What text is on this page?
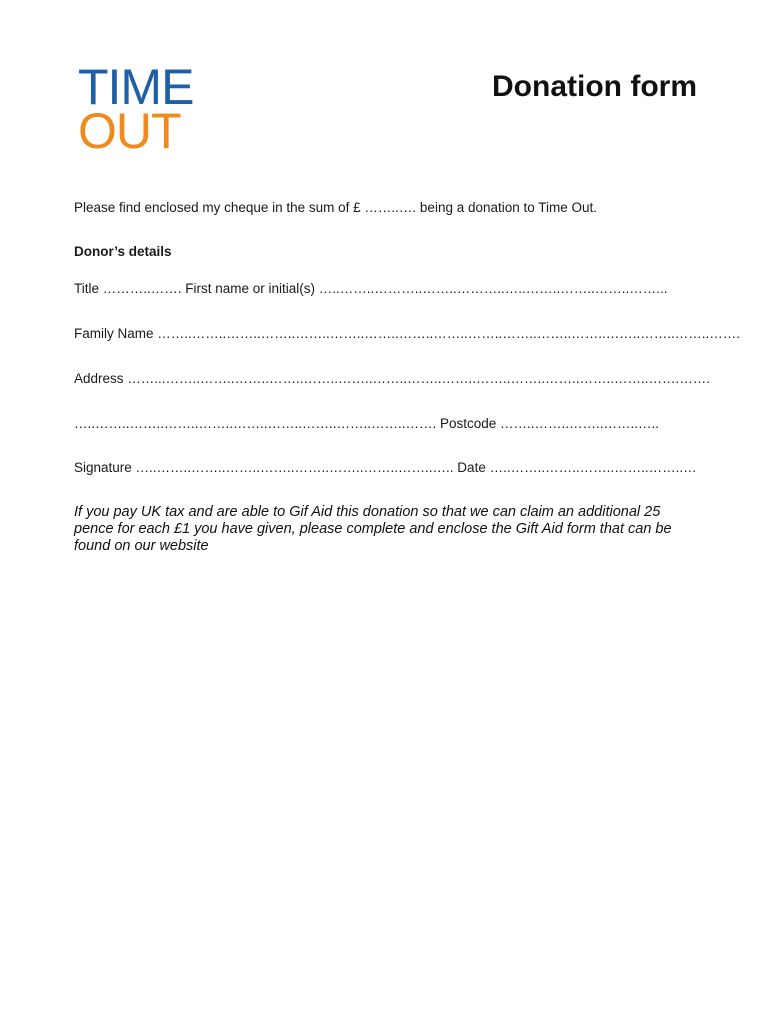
TIME
OUT
Donation form
Please find enclosed my cheque in the sum of £ ……..…. being a donation to Time Out.
Donor’s details
Title ………..……. First name or initial(s) …..……..………..……..………..…..……..……..……..……...
Family Name ……..……..……..……..……..……..……..……..……..……..……..……..……..……..……..……..…….
Address ……...……..……..……..……..……..……..……..……..……..……..……..……..……..……..…….…….
…..……..……..……..……..……..……..……..……..……..……. Postcode ……..……..……..……..…..
Signature …..……..……..……..……..……..……..……..……..….. Date …..……..……..……..……..……..…
If you pay UK tax and are able to Gif Aid this donation so that we can claim an additional 25 pence for each £1 you have given, please complete and enclose the Gift Aid form that can be found on our website
